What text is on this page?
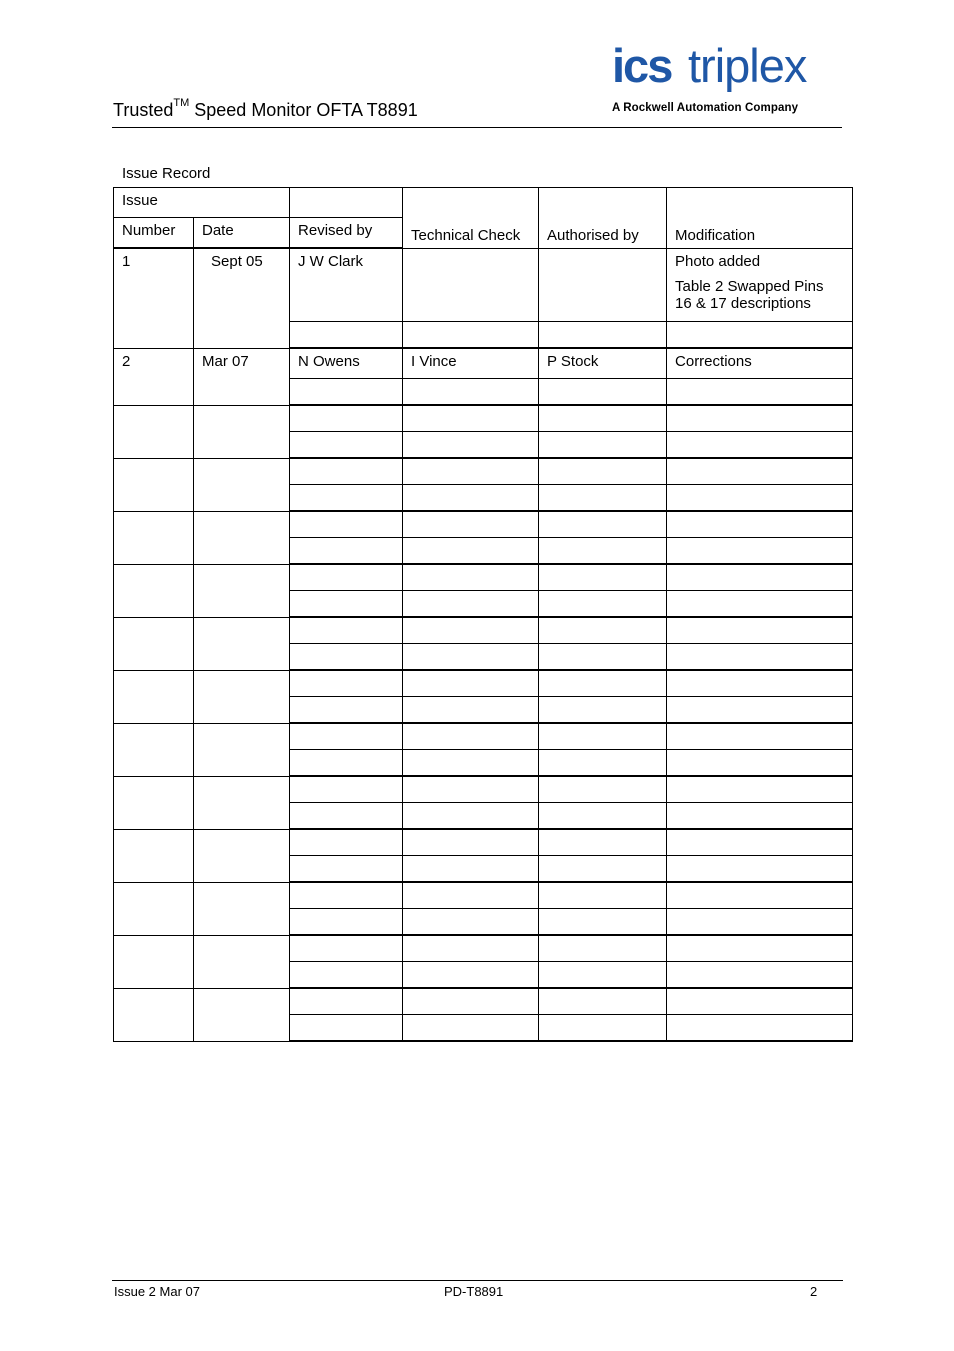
Trusted™ Speed Monitor OFTA T8891
ics triplex
A Rockwell Automation Company
Issue Record
Issue			Technical Check	Authorised by	Modification
Number	Date	Revised by			
1	Sept 05	J W Clark			Photo added
Table 2 Swapped Pins 16 & 17 descriptions

2	Mar 07	N Owens	I Vince	P Stock	Corrections

Issue 2 Mar 07	PD-T8891	2
